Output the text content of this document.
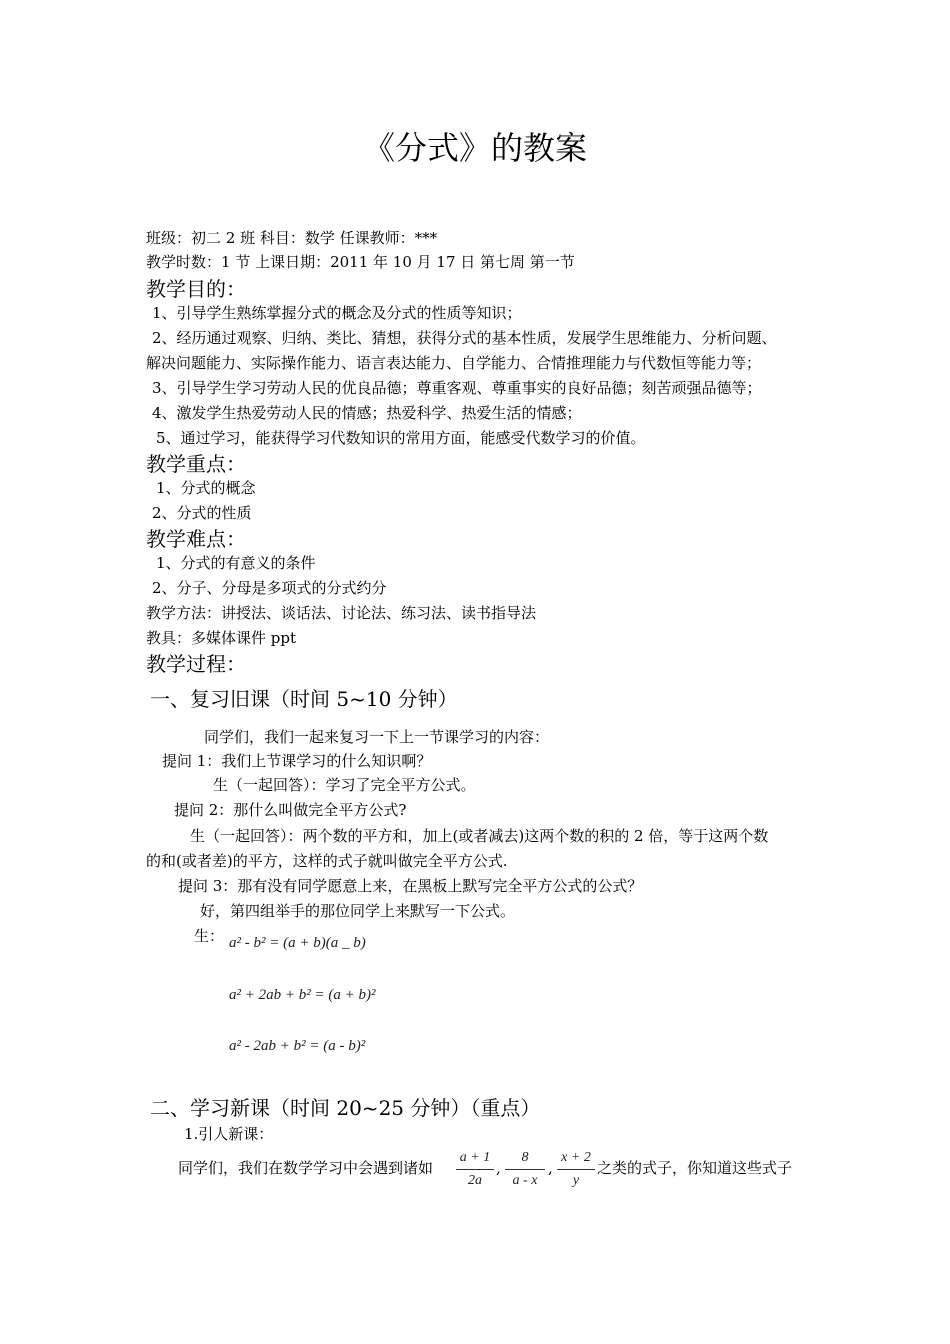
《分式》的教案
班级：初二 2 班 科目：数学 任课教师：***
教学时数：1 节 上课日期：2011 年 10 月 17 日 第七周 第一节
教学目的：
1、引导学生熟练掌握分式的概念及分式的性质等知识；
2、经历通过观察、归纳、类比、猜想，获得分式的基本性质，发展学生思维能力、分析问题、
解决问题能力、实际操作能力、语言表达能力、自学能力、合情推理能力与代数恒等能力等；
3、引导学生学习劳动人民的优良品德；尊重客观、尊重事实的良好品德；刻苦顽强品德等；
4、激发学生热爱劳动人民的情感；热爱科学、热爱生活的情感；
5、通过学习，能获得学习代数知识的常用方面，能感受代数学习的价值。
教学重点：
1、分式的概念
2、分式的性质
教学难点：
1、分式的有意义的条件
2、分子、分母是多项式的分式约分
教学方法：讲授法、谈话法、讨论法、练习法、读书指导法
教具：多媒体课件 ppt
教学过程：
一、复习旧课（时间 5~10 分钟）
同学们，我们一起来复习一下上一节课学习的内容：
提问 1：我们上节课学习的什么知识啊？
生（一起回答）：学习了完全平方公式。
提问 2：那什么叫做完全平方公式?
生（一起回答）：两个数的平方和，加上(或者减去)这两个数的积的 2 倍，等于这两个数
的和(或者差)的平方，这样的式子就叫做完全平方公式.
提问 3：那有没有同学愿意上来，在黑板上默写完全平方公式的公式？
好，第四组举手的那位同学上来默写一下公式。
生： a² - b² = (a + b)(a _ b)
a² + 2ab + b² = (a + b)²
a² - 2ab + b² = (a - b)²
二、学习新课（时间 20~25 分钟）（重点）
1.引人新课：
同学们，我们在数学学习中会遇到诸如
a + 1
2a
,
8
a - x
,
x + 2
y
之类的式子，你知道这些式子
